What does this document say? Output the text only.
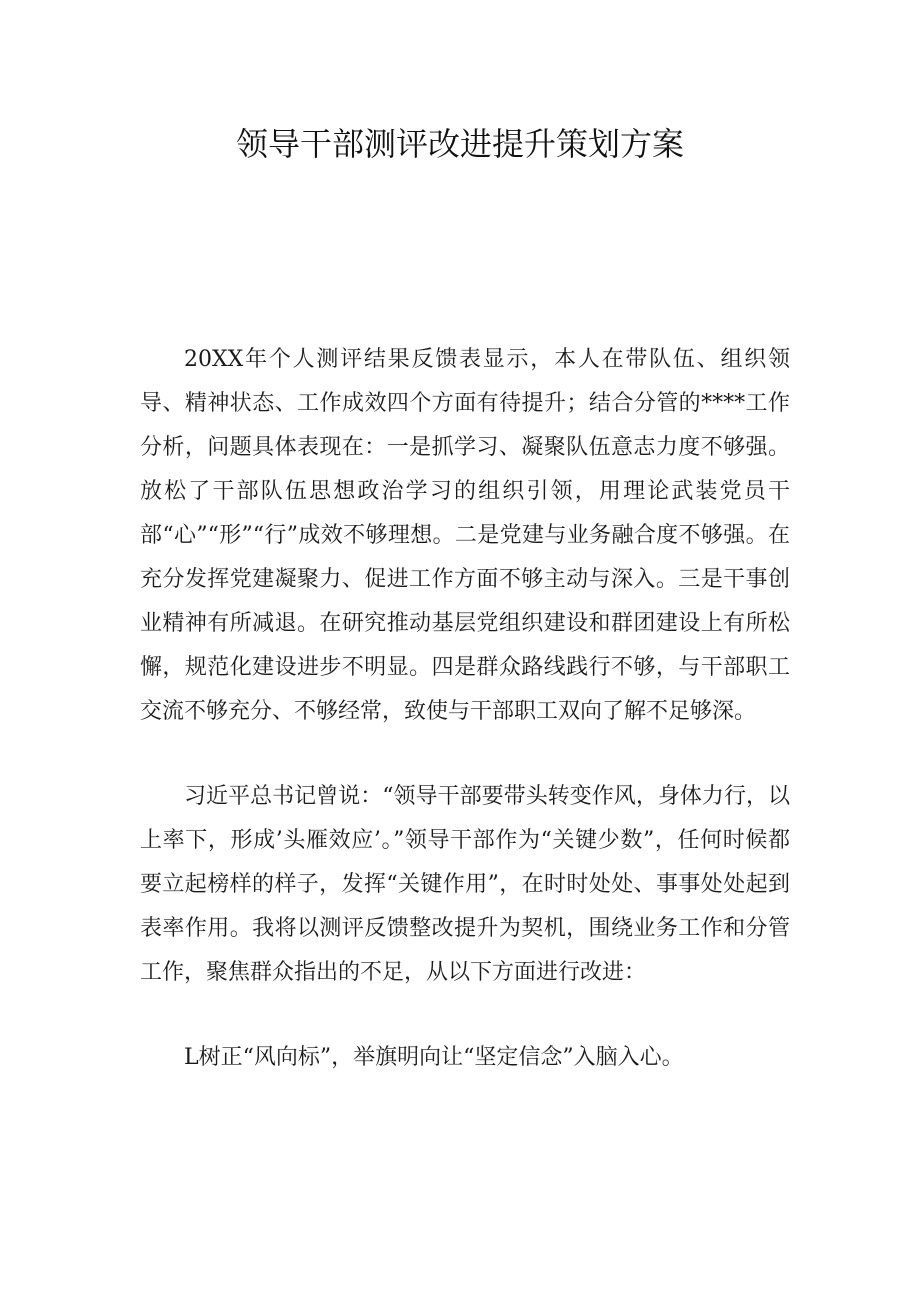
领导干部测评改进提升策划方案

20XX年个人测评结果反馈表显示，本人在带队伍、组织领导、精神状态、工作成效四个方面有待提升；结合分管的****工作分析，问题具体表现在：一是抓学习、凝聚队伍意志力度不够强。放松了干部队伍思想政治学习的组织引领，用理论武装党员干部“心”“形”“行”成效不够理想。二是党建与业务融合度不够强。在充分发挥党建凝聚力、促进工作方面不够主动与深入。三是干事创业精神有所减退。在研究推动基层党组织建设和群团建设上有所松懈，规范化建设进步不明显。四是群众路线践行不够，与干部职工交流不够充分、不够经常，致使与干部职工双向了解不足够深。

习近平总书记曾说：“领导干部要带头转变作风，身体力行，以上率下，形成’头雁效应’。”领导干部作为“关键少数”，任何时候都要立起榜样的样子，发挥“关键作用”，在时时处处、事事处处起到表率作用。我将以测评反馈整改提升为契机，围绕业务工作和分管工作，聚焦群众指出的不足，从以下方面进行改进：

L树正“风向标”，举旗明向让“坚定信念”入脑入心。
